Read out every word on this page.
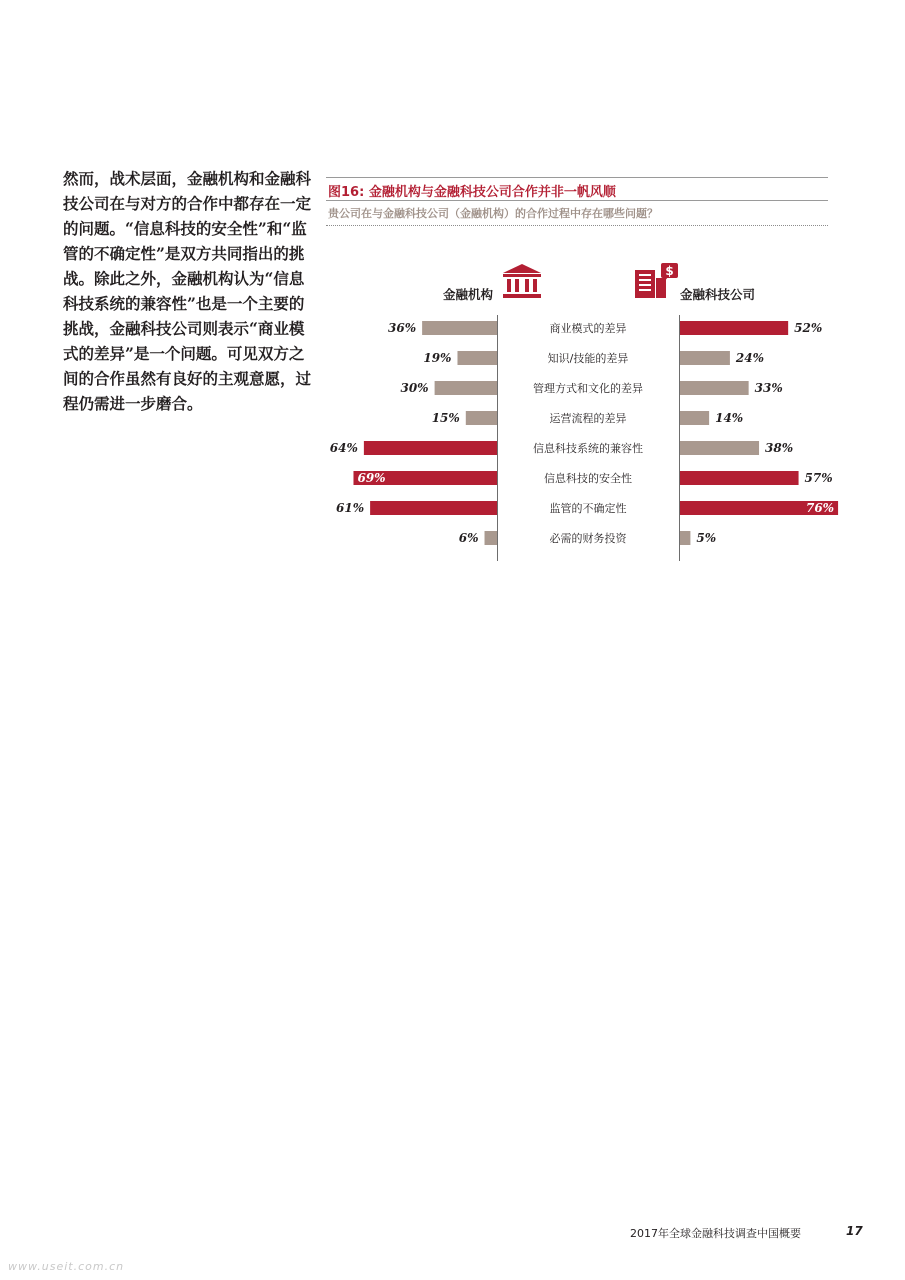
然而，战术层面，金融机构和金融科技公司在与对方的合作中都存在一定的问题。“信息科技的安全性”和“监管的不确定性”是双方共同指出的挑战。除此之外，金融机构认为“信息科技系统的兼容性”也是一个主要的挑战，金融科技公司则表示“商业模式的差异”是一个问题。可见双方之间的合作虽然有良好的主观意愿，过程仍需进一步磨合。
图16: 金融机构与金融科技公司合作并非一帆风顺
贵公司在与金融科技公司（金融机构）的合作过程中存在哪些问题？
金融机构
$
金融科技公司
36%	商业模式的差异	52%
19%	知识/技能的差异	24%
30%	管理方式和文化的差异	33%
15%	运营流程的差异	14%
64%	信息科技系统的兼容性	38%
69%	信息科技的安全性	57%
61%	监管的不确定性	76%
6%	必需的财务投资	5%
2017年全球金融科技调查中国概要	17
www.useit.com.cn
